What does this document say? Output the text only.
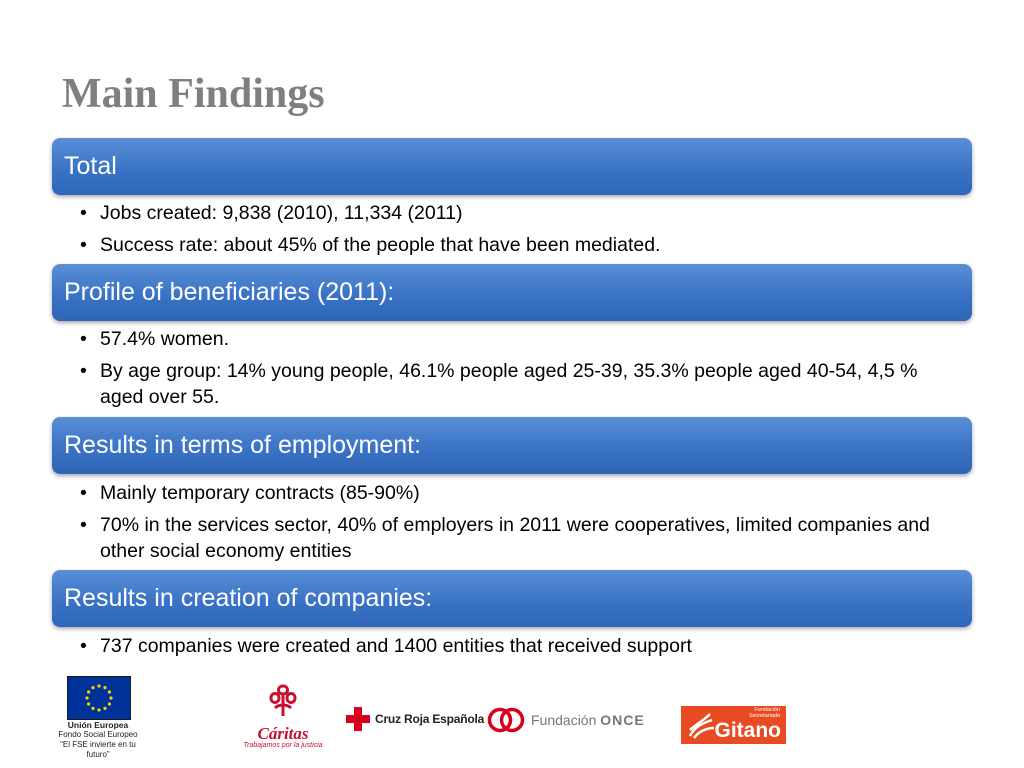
Main Findings
Total
• Jobs created: 9,838 (2010), 11,334 (2011)
• Success rate: about 45% of the people that have been mediated.
Profile of beneficiaries (2011):
• 57.4% women.
• By age group: 14% young people, 46.1% people aged 25-39, 35.3% people aged 40-54, 4,5 % aged over 55.
Results in terms of employment:
• Mainly temporary contracts (85-90%)
• 70% in the services sector, 40% of employers in 2011 were cooperatives, limited companies and other social economy entities
Results in creation of companies:
• 737 companies were created and 1400 entities that received support
Unión Europea
Fondo Social Europeo
“El FSE invierte en tu futuro”
Cáritas
Trabajamos por la justicia
Cruz Roja Española	Fundación ONCE
Fundación Secretariado
Gitano
